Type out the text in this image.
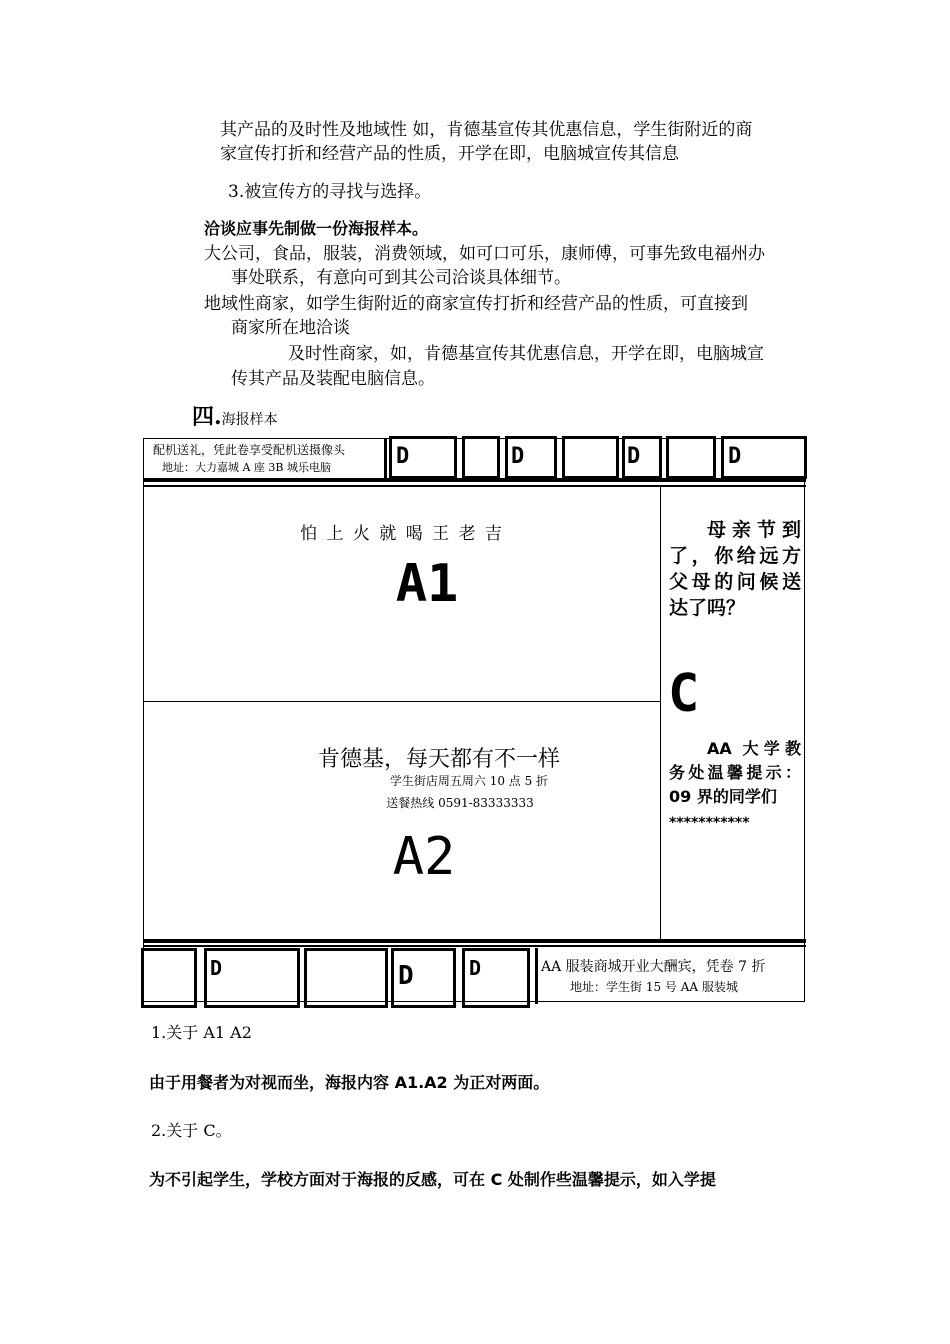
其产品的及时性及地域性 如，肯德基宣传其优惠信息，学生街附近的商
家宣传打折和经营产品的性质，开学在即，电脑城宣传其信息
3.被宣传方的寻找与选择。
洽谈应事先制做一份海报样本。
大公司，食品，服装，消费领域，如可口可乐，康师傅，可事先致电福州办
事处联系，有意向可到其公司洽谈具体细节。
地域性商家，如学生街附近的商家宣传打折和经营产品的性质，可直接到
商家所在地洽谈
及时性商家，如，肯德基宣传其优惠信息，开学在即，电脑城宣
传其产品及装配电脑信息。
四.海报样本
配机送礼，凭此卷享受配机送摄像头
地址：大力嘉城 A 座 3B 城乐电脑	D	D	D	D
怕 上 火 就 喝 王 老 吉
A1
肯德基，每天都有不一样
学生街店周五周六 10 点 5 折
送餐热线 0591-83333333
A2
母亲节到了，你给远方父母的问候送达了吗？
C
AA 大学教务处温馨提示：09 界的同学们
***********
D	D	D	AA 服装商城开业大酬宾，凭卷 7 折
地址：学生街 15 号 AA 服装城
1.关于 A1 A2
由于用餐者为对视而坐，海报内容 A1.A2 为正对两面。
2.关于 C。
为不引起学生，学校方面对于海报的反感，可在 C 处制作些温馨提示，如入学提
